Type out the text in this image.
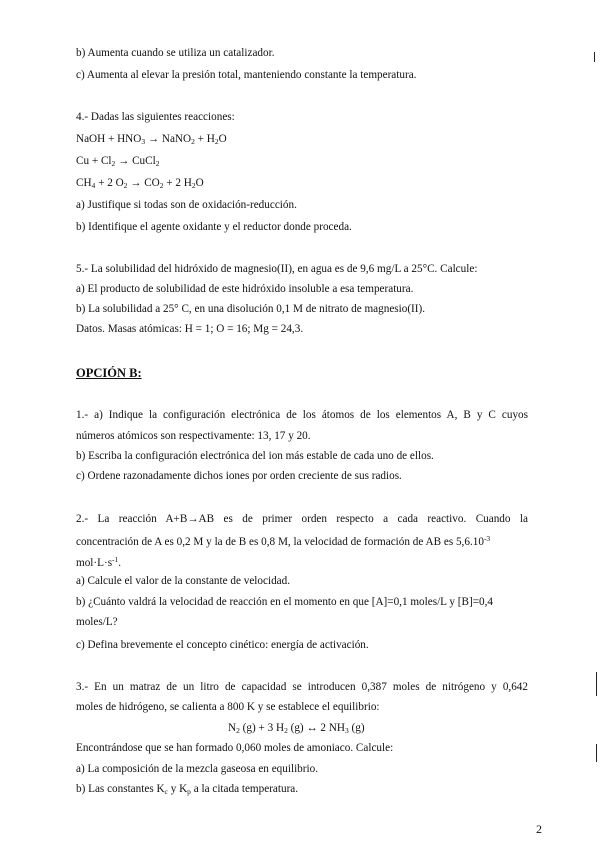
b) Aumenta cuando se utiliza un catalizador.
c) Aumenta al elevar la presión total, manteniendo constante la temperatura.
4.- Dadas las siguientes reacciones:
NaOH + $HNO_3$ → NaNO$_2$ + $H_2O$
$Cu + Cl_2$ → CuCl$_2$
$CH_4 + 2$ $O_2 \to CO_2 + 2$ $H_2O$
a) Justifique si todas son de oxidación-reducción.
b) Identifique el agente oxidante y el reductor donde proceda.
5.- La solubilidad del hidróxido de magnesio(II), en agua es de 9,6 mg/L a 25°C. Calcule:
a) El producto de solubilidad de este hidróxido insoluble a esa temperatura.
b) La solubilidad a 25° C, en una disolución 0,1 M de nitrato de magnesio(II).
Datos. Masas atómicas: H = 1; O = 16; Mg = 24,3.
OPCIÓN B:
1.- a) Indique la configuración electrónica de los átomos de los elementos A, B y C cuyos
números atómicos son respectivamente: 13, 17 y 20.
b) Escriba la configuración electrónica del ion más estable de cada uno de ellos.
c) Ordene razonadamente dichos iones por orden creciente de sus radios.
2.- La reacción A+B→AB es de primer orden respecto a cada reactivo. Cuando la
concentración de A es 0,2 M y la de B es 0,8 M, la velocidad de formación de AB es $5,6.10^{-3}$
$mol\cdot L\cdot s^{-1}$.
a) Calcule el valor de la constante de velocidad.
b) ¿Cuánto valdrá la velocidad de reacción en el momento en que [A]=0,1 moles/L y [B]=0,4
moles/L?
c) Defina brevemente el concepto cinético: energía de activación.
3.- En un matraz de un litro de capacidad se introducen 0,387 moles de nitrógeno y 0,642
moles de hidrógeno, se calienta a 800 K y se establece el equilibrio:
$N_2$ (g) + 3 $H_2$ (g) ↔ 2 $NH_3$ (g)
Encontrándose que se han formado 0,060 moles de amoniaco. Calcule:
a) La composición de la mezcla gaseosa en equilibrio.
b) Las constantes $K_c$ y $K_p$ a la citada temperatura.
2
